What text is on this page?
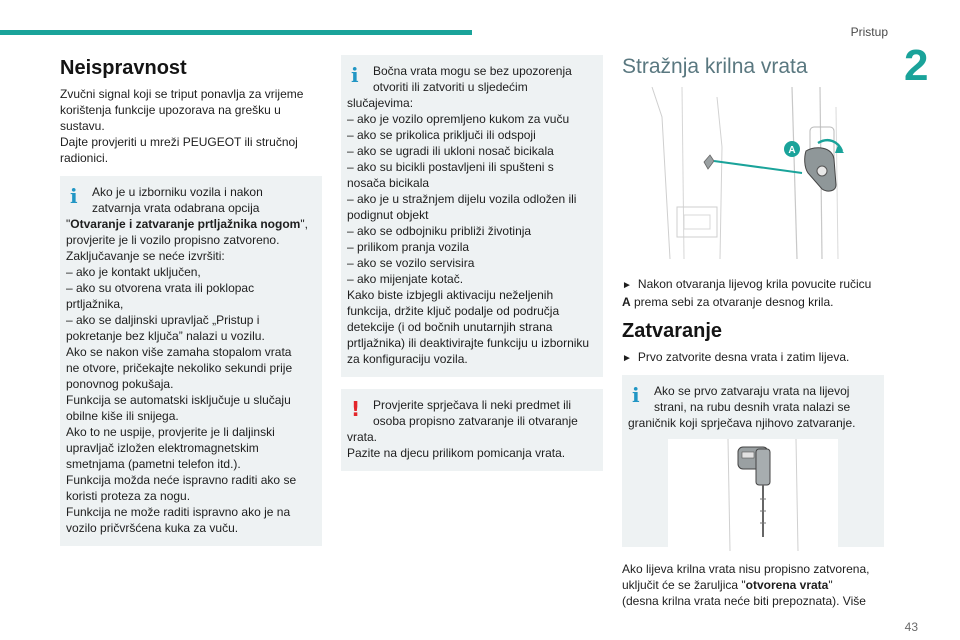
Pristup
2
43
Neispravnost

Zvučni signal koji se triput ponavlja za vrijeme
korištenja funkcije upozorava na grešku u
sustavu.
Dajte provjeriti u mreži PEUGEOT ili stručnoj
radionici.

i	Ako je u izborniku vozila i nakon
zatvarnja vrata odabrana opcija
"Otvaranje i zatvaranje prtljažnika nogom",
provjerite je li vozilo propisno zatvoreno.
Zaključavanje se neće izvršiti:
– ako je kontakt uključen,
– ako su otvorena vrata ili poklopac
prtljažnika,
– ako se daljinski upravljač „Pristup i
pokretanje bez ključa” nalazi u vozilu.
Ako se nakon više zamaha stopalom vrata
ne otvore, pričekajte nekoliko sekundi prije
ponovnog pokušaja.
Funkcija se automatski isključuje u slučaju
obilne kiše ili snijega.
Ako to ne uspije, provjerite je li daljinski
upravljač izložen elektromagnetskim
smetnjama (pametni telefon itd.).
Funkcija možda neće ispravno raditi ako se
koristi proteza za nogu.
Funkcija ne može raditi ispravno ako je na
vozilo pričvršćena kuka za vuču.
i	Bočna vrata mogu se bez upozorenja
otvoriti ili zatvoriti u sljedećim
slučajevima:
– ako je vozilo opremljeno kukom za vuču
– ako se prikolica priključi ili odspoji
– ako se ugradi ili ukloni nosač bicikala
– ako su bicikli postavljeni ili spušteni s
nosača bicikala
– ako je u stražnjem dijelu vozila odložen ili
podignut objekt
– ako se odbojniku približi životinja
– prilikom pranja vozila
– ako se vozilo servisira
– ako mijenjate kotač.
Kako biste izbjegli aktivaciju neželjenih
funkcija, držite ključ podalje od područja
detekcije (i od bočnih unutarnjih strana
prtljažnika) ili deaktivirajte funkciju u izborniku
za konfiguraciju vozila.
!	Provjerite sprječava li neki predmet ili
osoba propisno zatvaranje ili otvaranje
vrata.
Pazite na djecu prilikom pomicanja vrata.
Stražnja krilna vrata
A

► Nakon otvaranja lijevog krila povucite ručicu
A prema sebi za otvaranje desnog krila.

Zatvaranje

► Prvo zatvorite desna vrata i zatim lijeva.

i	Ako se prvo zatvaraju vrata na lijevoj
strani, na rubu desnih vrata nalazi se
graničnik koji sprječava njihovo zatvaranje.

Ako lijeva krilna vrata nisu propisno zatvorena,
uključit će se žaruljica "otvorena vrata"
(desna krilna vrata neće biti prepoznata). Više
